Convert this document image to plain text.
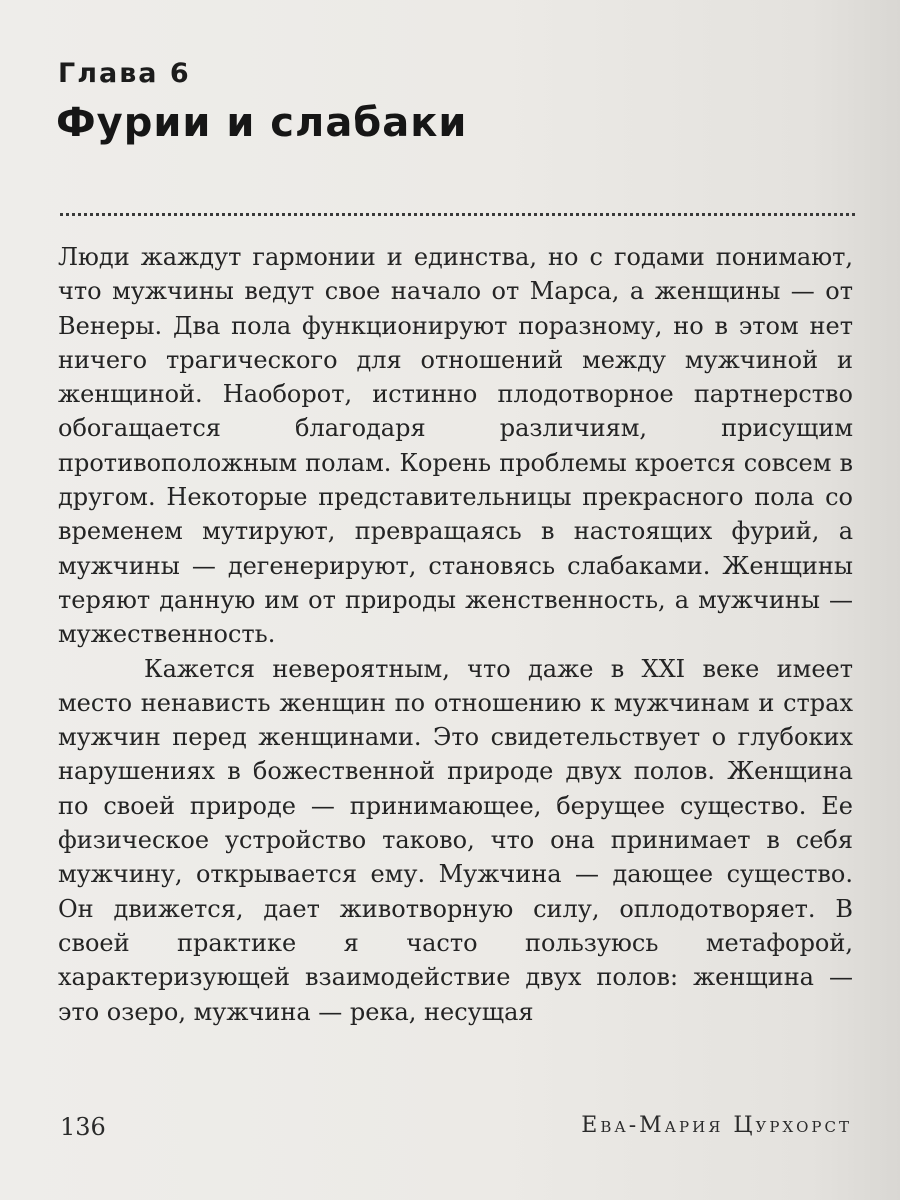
Глава 6
Фурии и слабаки

Люди жаждут гармонии и единства, но с годами понимают, что мужчины ведут свое начало от Марса, а женщины — от Венеры. Два пола функционируют поразному, но в этом нет ничего трагического для отношений между мужчиной и женщиной. Наоборот, истинно плодотворное партнерство обогащается благодаря различиям, присущим противоположным полам. Корень проблемы кроется совсем в другом. Некоторые представительницы прекрасного пола со временем мутируют, превращаясь в настоящих фурий, а мужчины — дегенерируют, становясь слабаками. Женщины теряют данную им от природы женственность, а мужчины — мужественность.

Кажется невероятным, что даже в XXI веке имеет место ненависть женщин по отношению к мужчинам и страх мужчин перед женщинами. Это свидетельствует о глубоких нарушениях в божественной природе двух полов. Женщина по своей природе — принимающее, берущее существо. Ее физическое устройство таково, что она принимает в себя мужчину, открывается ему. Мужчина — дающее существо. Он движется, дает животворную силу, оплодотворяет. В своей практике я часто пользуюсь метафорой, характеризующей взаимодействие двух полов: женщина — это озеро, мужчина — река, несущая

136	Ева-Мария Цурхорст
